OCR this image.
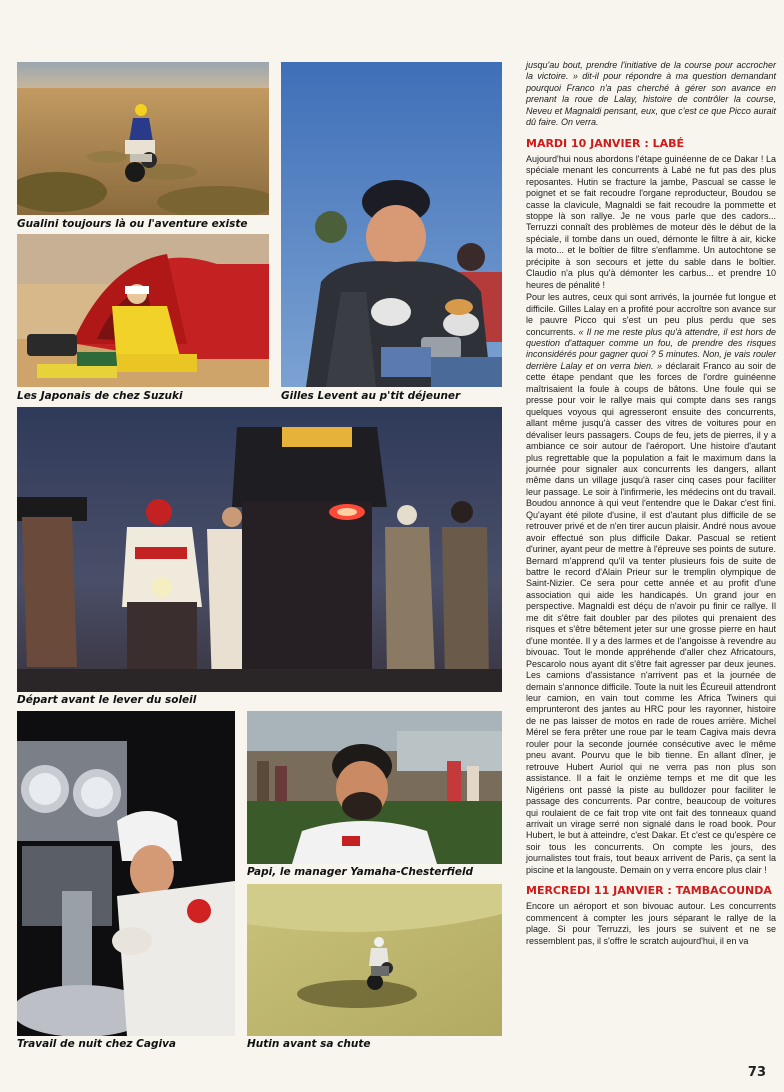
Gualini toujours là ou l'aventure existe
Les Japonais de chez Suzuki	Gilles Levent au p'tit déjeuner
Départ avant le lever du soleil
Travail de nuit chez Cagiva
Papi, le manager Yamaha-Chesterfield
Hutin avant sa chute

jusqu'au bout, prendre l'initiative de la course pour accrocher la victoire. » dit-il pour répondre à ma question demandant pourquoi Franco n'a pas cherché à gérer son avance en prenant la roue de Lalay, histoire de contrôler la course, Neveu et Magnaldi pensant, eux, que c'est ce que Picco aurait dû faire. On verra.

MARDI 10 JANVIER : LABÉ

Aujourd'hui nous abordons l'étape guinéenne de ce Dakar ! La spéciale menant les concurrents à Labé ne fut pas des plus reposantes. Hutin se fracture la jambe, Pascual se casse le poignet et se fait recoudre l'organe reproducteur, Boudou se casse la clavicule, Magnaldi se fait recoudre la pommette et stoppe là son rallye. Je ne vous parle que des cadors... Terruzzi connaît des problèmes de moteur dès le début de la spéciale, il tombe dans un oued, démonte le filtre à air, kicke la moto... et le boîtier de filtre s'enflamme. Un autochtone se précipite à son secours et jette du sable dans le boîtier. Claudio n'a plus qu'à démonter les carbus... et prendre 10 heures de pénalité !

Pour les autres, ceux qui sont arrivés, la journée fut longue et difficile. Gilles Lalay en a profité pour accroître son avance sur le pauvre Picco qui s'est un peu plus perdu que ses concurrents. « Il ne me reste plus qu'à attendre, il est hors de question d'attaquer comme un fou, de prendre des risques inconsidérés pour gagner quoi ? 5 minutes. Non, je vais rouler derrière Lalay et on verra bien. » déclarait Franco au soir de cette étape pendant que les forces de l'ordre guinéenne maîtrisaient la foule à coups de bâtons. Une foule qui se presse pour voir le rallye mais qui compte dans ses rangs quelques voyous qui agresseront ensuite des concurrents, allant même jusqu'à casser des vitres de voitures pour en dévaliser leurs passagers. Coups de feu, jets de pierres, il y a ambiance ce soir autour de l'aéroport. Une histoire d'autant plus regrettable que la population a fait le maximum dans la journée pour signaler aux concurrents les dangers, allant même dans un village jusqu'à raser cinq cases pour faciliter leur passage. Le soir à l'infirmerie, les médecins ont du travail. Boudou annonce à qui veut l'entendre que le Dakar c'est fini. Qu'ayant été pilote d'usine, il est d'autant plus difficile de se retrouver privé et de n'en tirer aucun plaisir. André nous avoue avoir effectué son plus difficile Dakar. Pascual se retient d'uriner, ayant peur de mettre à l'épreuve ses points de suture. Bernard m'apprend qu'il va tenter plusieurs fois de suite de battre le record d'Alain Prieur sur le tremplin olympique de Saint-Nizier. Ce sera pour cette année et au profit d'une association qui aide les handicapés. Un grand jour en perspective. Magnaldi est déçu de n'avoir pu finir ce rallye. Il me dit s'être fait doubler par des pilotes qui prenaient des risques et s'être bêtement jeter sur une grosse pierre en haut d'une montée. Il y a des larmes et de l'angoisse à revendre au bivouac. Tout le monde appréhende d'aller chez Africatours, Pescarolo nous ayant dit s'être fait agresser par deux jeunes. Les camions d'assistance n'arrivent pas et la journée de demain s'annonce difficile. Toute la nuit les Écureuil attendront leur camion, en vain tout comme les Africa Twiners qui emprunteront des jantes au HRC pour les rayonner, histoire de ne pas laisser de motos en rade de roues arrière. Michel Mérel se fera prêter une roue par le team Cagiva mais devra rouler pour la seconde journée consécutive avec le même pneu avant. Pourvu que le bib tienne. En allant dîner, je retrouve Hubert Auriol qui ne verra pas non plus son assistance. Il a fait le onzième temps et me dit que les Nigériens ont passé la piste au bulldozer pour faciliter le passage des concurrents. Par contre, beaucoup de voitures qui roulaient de ce fait trop vite ont fait des tonneaux quand arrivait un virage serré non signalé dans le road book. Pour Hubert, le but à atteindre, c'est Dakar. Et c'est ce qu'espère ce soir tous les concurrents. On compte les jours, des journalistes tout frais, tout beaux arrivent de Paris, ça sent la piscine et la langouste. Demain on y verra encore plus clair !

MERCREDI 11 JANVIER : TAMBACOUNDA

Encore un aéroport et son bivouac autour. Les concurrents commencent à compter les jours séparant le rallye de la plage. Si pour Terruzzi, les jours se suivent et ne se ressemblent pas, il s'offre le scratch aujourd'hui, il en va

73
